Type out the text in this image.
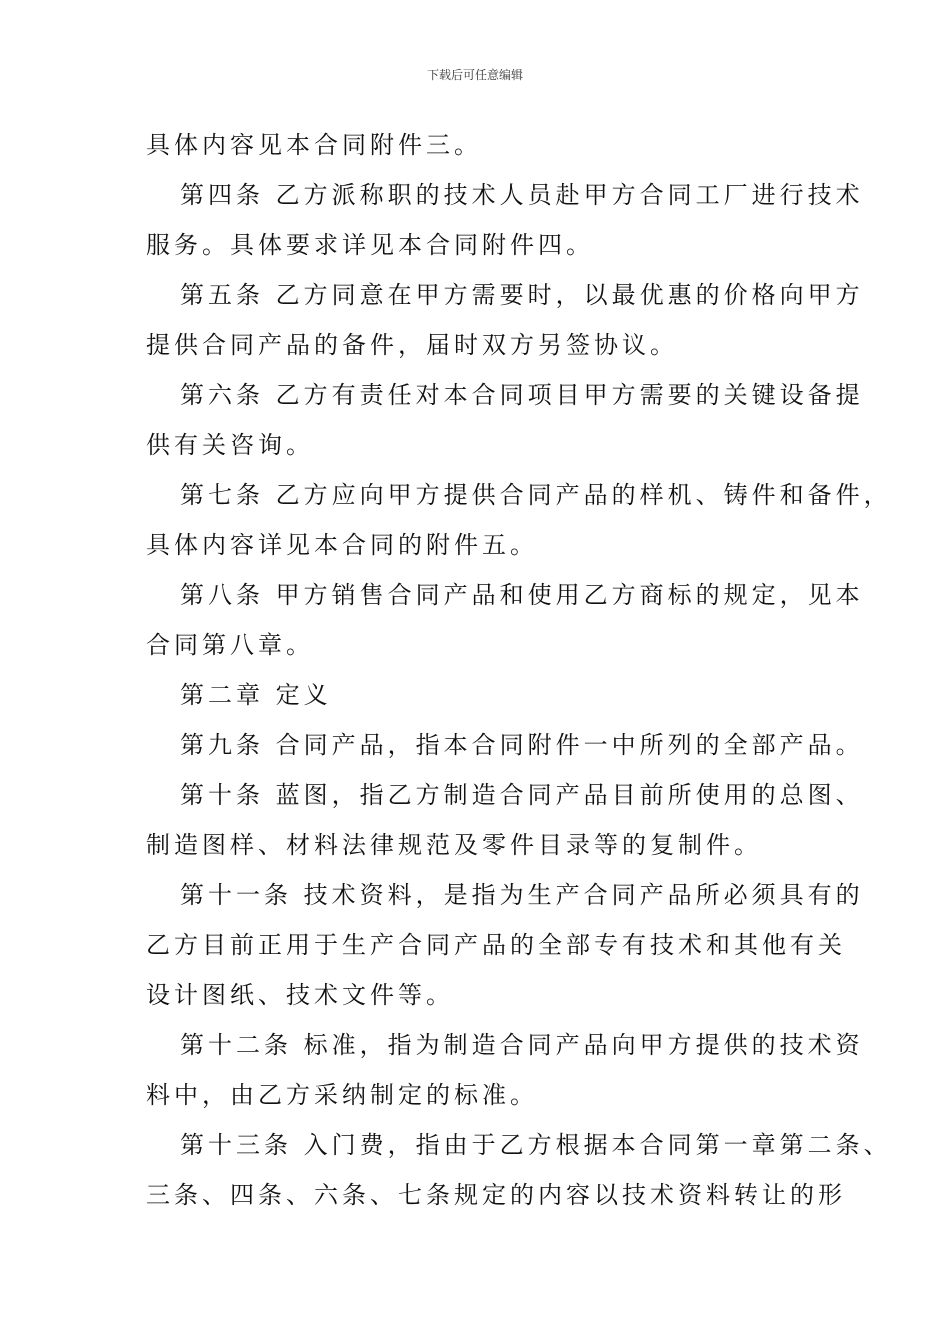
下载后可任意编辑
具体内容见本合同附件三。
第四条 乙方派称职的技术人员赴甲方合同工厂进行技术
服务。具体要求详见本合同附件四。
第五条 乙方同意在甲方需要时，以最优惠的价格向甲方
提供合同产品的备件，届时双方另签协议。
第六条 乙方有责任对本合同项目甲方需要的关键设备提
供有关咨询。
第七条 乙方应向甲方提供合同产品的样机、铸件和备件，
具体内容详见本合同的附件五。
第八条 甲方销售合同产品和使用乙方商标的规定，见本
合同第八章。
第二章 定义
第九条 合同产品，指本合同附件一中所列的全部产品。
第十条 蓝图，指乙方制造合同产品目前所使用的总图、
制造图样、材料法律规范及零件目录等的复制件。
第十一条 技术资料，是指为生产合同产品所必须具有的
乙方目前正用于生产合同产品的全部专有技术和其他有关
设计图纸、技术文件等。
第十二条 标准，指为制造合同产品向甲方提供的技术资
料中，由乙方采纳制定的标准。
第十三条 入门费，指由于乙方根据本合同第一章第二条、
三条、四条、六条、七条规定的内容以技术资料转让的形
